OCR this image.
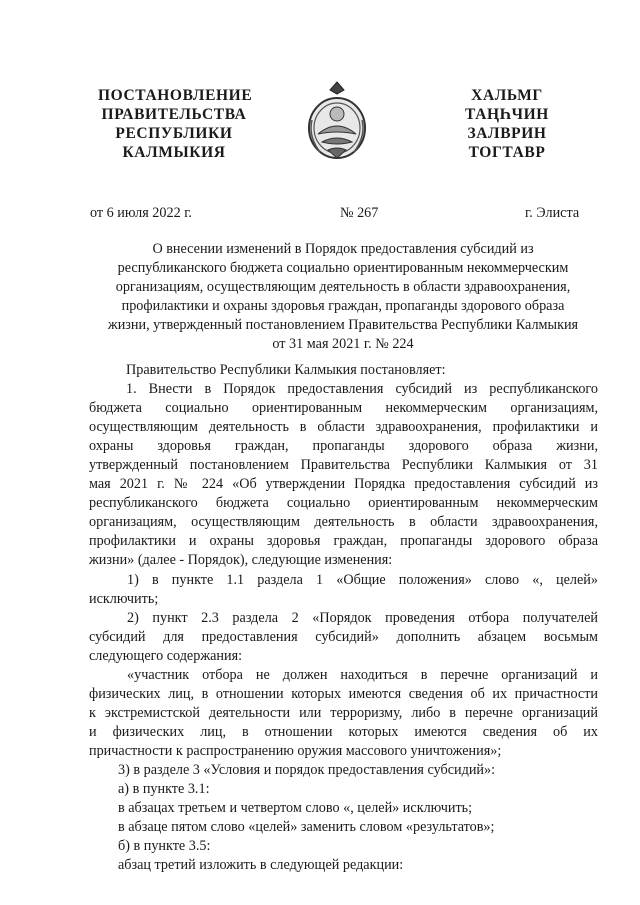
ПОСТАНОВЛЕНИЕ
ПРАВИТЕЛЬСТВА
РЕСПУБЛИКИ
КАЛМЫКИЯ
ХАЛЬМГ
ТАҢҺЧИН
ЗАЛВРИН
ТОГТАВР
от 6 июля 2022 г.	№ 267	г. Элиста
О внесении изменений в Порядок предоставления субсидий из
республиканского бюджета социально ориентированным некоммерческим
организациям, осуществляющим деятельность в области здравоохранения,
профилактики и охраны здоровья граждан, пропаганды здорового образа
жизни, утвержденный постановлением Правительства Республики Калмыкия
от 31 мая 2021 г. № 224
Правительство Республики Калмыкия постановляет:
1. Внести в Порядок предоставления субсидий из республиканского
бюджета социально ориентированным некоммерческим организациям,
осуществляющим деятельность в области здравоохранения, профилактики и
охраны здоровья граждан, пропаганды здорового образа жизни,
утвержденный постановлением Правительства Республики Калмыкия от 31
мая 2021 г. № 224 «Об утверждении Порядка предоставления субсидий из
республиканского бюджета социально ориентированным некоммерческим
организациям, осуществляющим деятельность в области здравоохранения,
профилактики и охраны здоровья граждан, пропаганды здорового образа
жизни» (далее - Порядок), следующие изменения:
1) в пункте 1.1 раздела 1 «Общие положения» слово «, целей»
исключить;
2) пункт 2.3 раздела 2 «Порядок проведения отбора получателей
субсидий для предоставления субсидий» дополнить абзацем восьмым
следующего содержания:
«участник отбора не должен находиться в перечне организаций и
физических лиц, в отношении которых имеются сведения об их причастности
к экстремистской деятельности или терроризму, либо в перечне организаций
и физических лиц, в отношении которых имеются сведения об их
причастности к распространению оружия массового уничтожения»;
3) в разделе 3 «Условия и порядок предоставления субсидий»:
а) в пункте 3.1:
в абзацах третьем и четвертом слово «, целей» исключить;
в абзаце пятом слово «целей» заменить словом «результатов»;
б) в пункте 3.5:
абзац третий изложить в следующей редакции:
